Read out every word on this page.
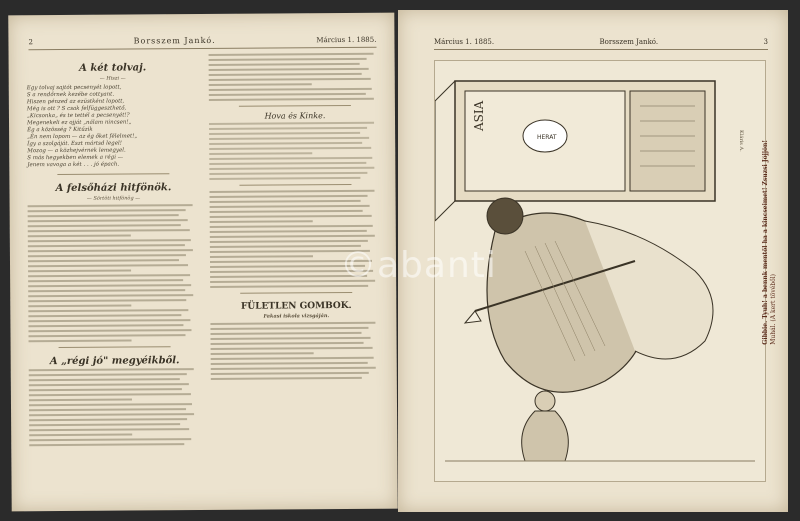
2	Borsszem Jankó.	Március 1. 1885.
A két tolvaj.
— Hiszi —
Egy tolvaj sajtót pecsenyét lopott,
S a rendőrnek kezébe cottyant.
Hiszen pénzed az ezüstként lopott,
Még is ott ? S csak felfüggeszthető,
„Kicsonka„ és te tettél a pecsenyét!?
Megenekeli ez ojját „nálam nincsen!„
Ég a közösség ? Kitűzik
„Én nem lopom — az ég őket félelmet!„
Így a szolgáját. Eszt mártsd legel!
Mozog — a közhejvérnek lemegyel.
S más hegyekben elemek a régi —
Jenem vavoga a két . . . jó épach.
A felsőházi hitfönök.
— Sörtöti hitfönög —
A „régi jó" megyéikből.
Hova és Kinke.
FÜLETLEN GOMBOK.
Fakasi iskola vizsgáján.
Március 1. 1885.	Borsszem Jankó.	3
ASIA
HERAT
Gibbie. Tyuh! a bennk mentől ha a kincseimet! Zsuzsi Jöjjön!
Muhál. (A kert tövéből)
Kláris A.
©abanti
